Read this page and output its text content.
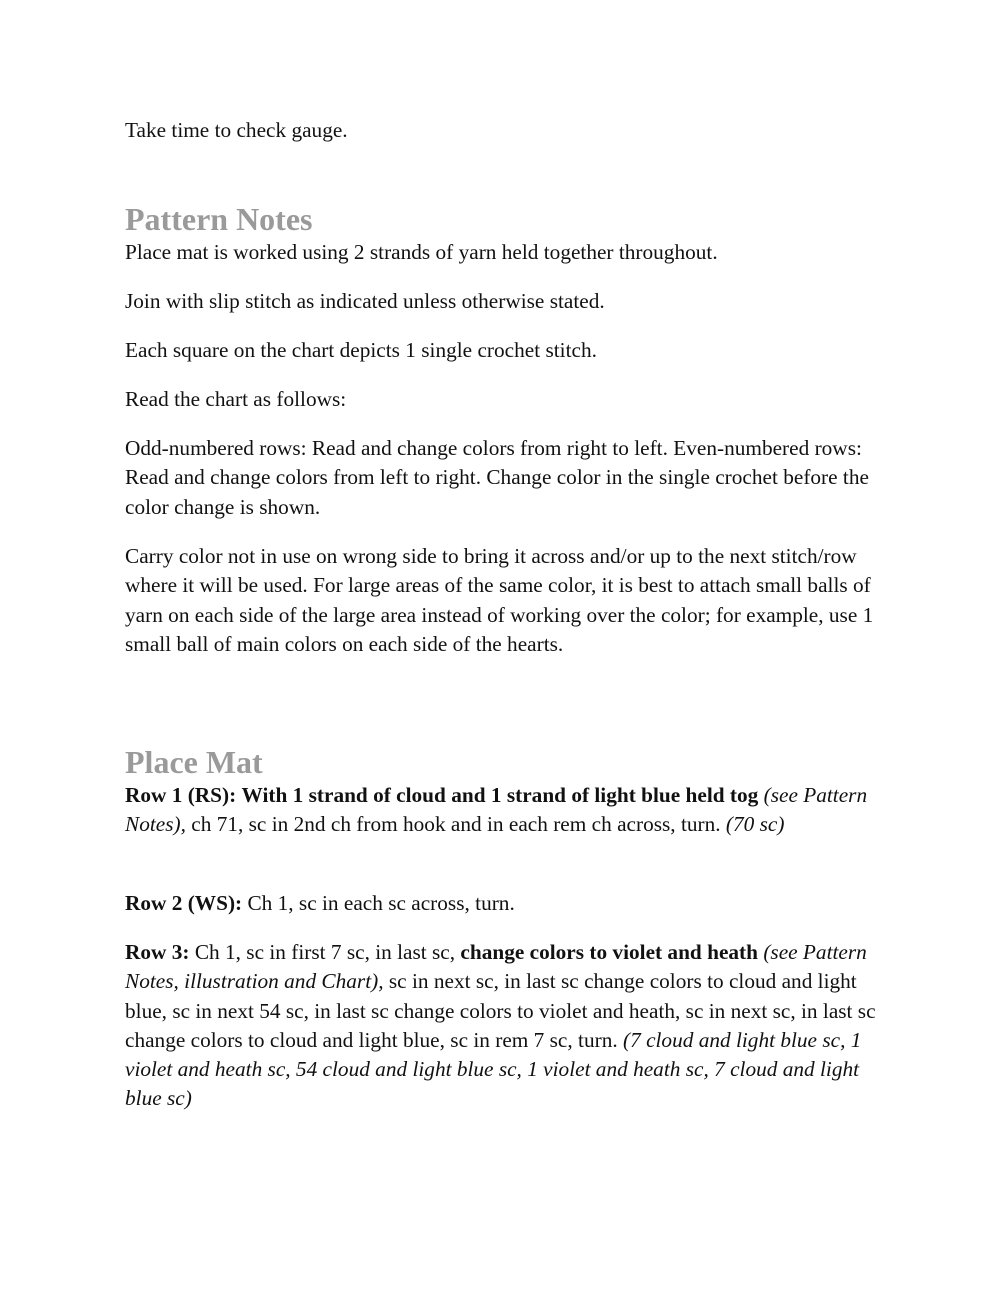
Take time to check gauge.

Pattern Notes

Place mat is worked using 2 strands of yarn held together throughout.

Join with slip stitch as indicated unless otherwise stated.

Each square on the chart depicts 1 single crochet stitch.

Read the chart as follows:

Odd-numbered rows: Read and change colors from right to left. Even-numbered rows: Read and change colors from left to right. Change color in the single crochet before the color change is shown.

Carry color not in use on wrong side to bring it across and/or up to the next stitch/row where it will be used. For large areas of the same color, it is best to attach small balls of yarn on each side of the large area instead of working over the color; for example, use 1 small ball of main colors on each side of the hearts.

Place Mat

Row 1 (RS): With 1 strand of cloud and 1 strand of light blue held tog (see Pattern Notes), ch 71, sc in 2nd ch from hook and in each rem ch across, turn. (70 sc)

Row 2 (WS): Ch 1, sc in each sc across, turn.

Row 3: Ch 1, sc in first 7 sc, in last sc, change colors to violet and heath (see Pattern Notes, illustration and Chart), sc in next sc, in last sc change colors to cloud and light blue, sc in next 54 sc, in last sc change colors to violet and heath, sc in next sc, in last sc change colors to cloud and light blue, sc in rem 7 sc, turn. (7 cloud and light blue sc, 1 violet and heath sc, 54 cloud and light blue sc, 1 violet and heath sc, 7 cloud and light blue sc)
